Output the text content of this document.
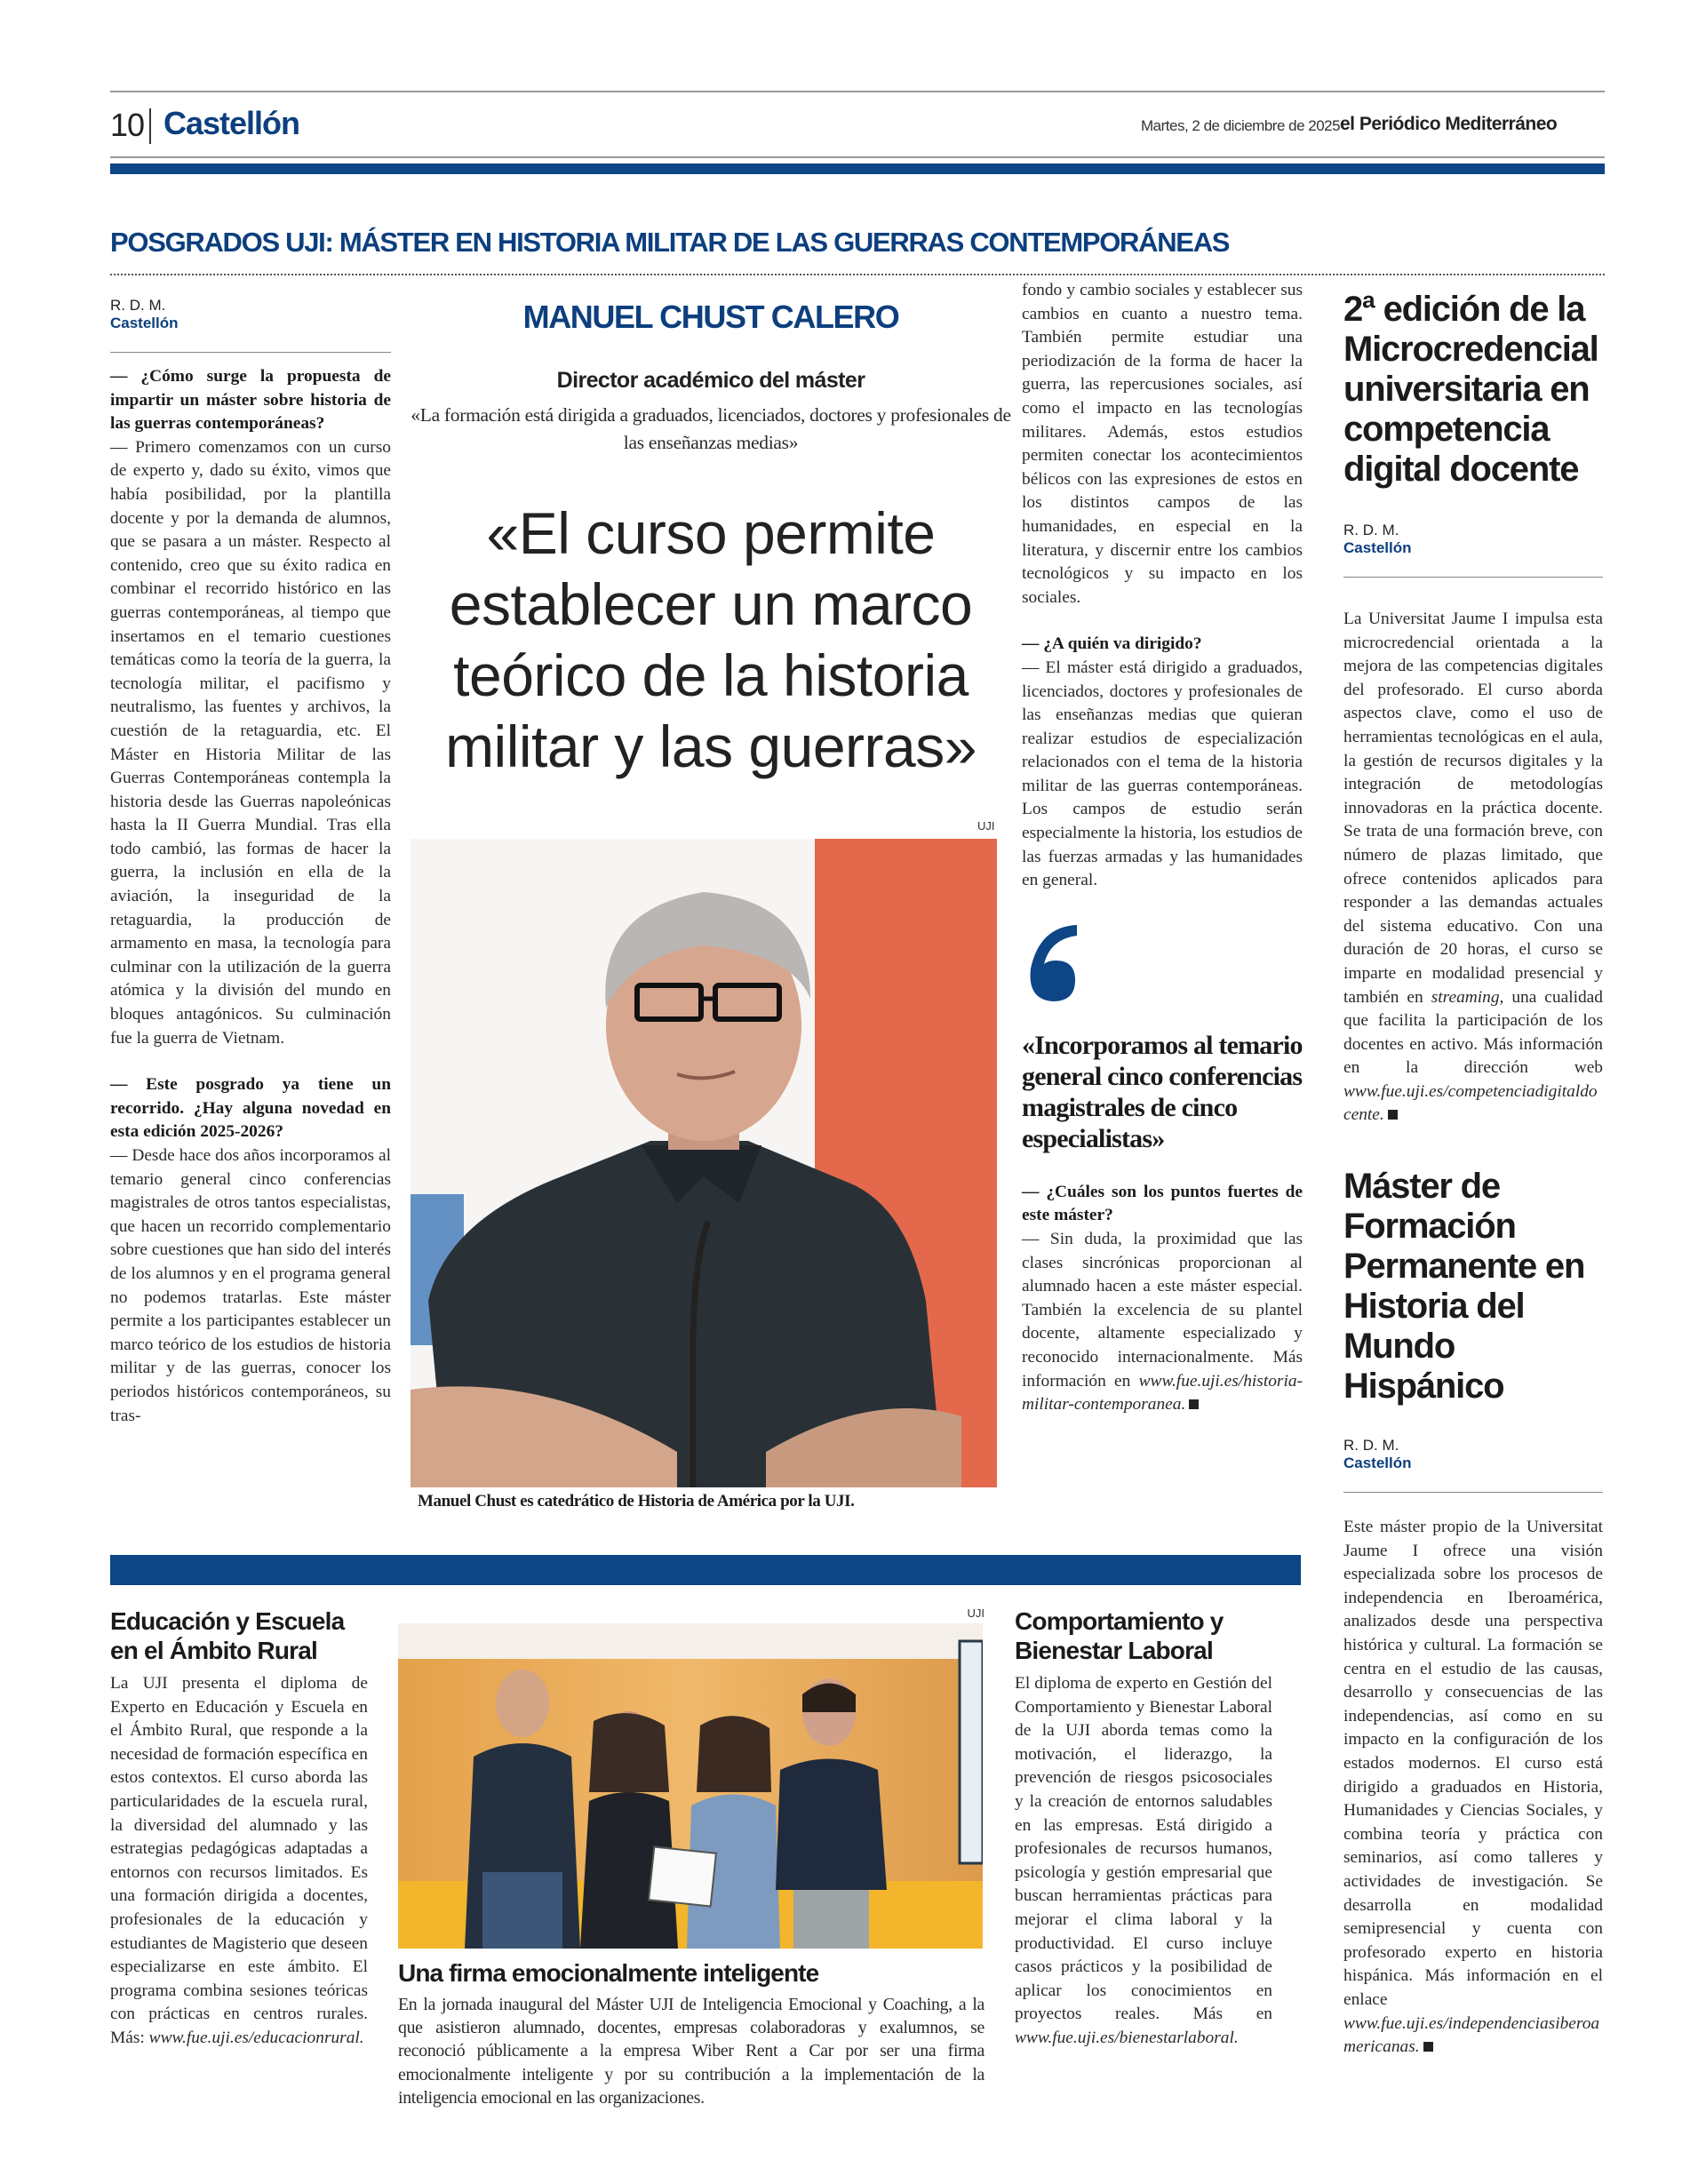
10 Castellón	Martes, 2 de diciembre de 2025 el Periódico Mediterráneo
POSGRADOS UJI: MÁSTER EN HISTORIA MILITAR DE LAS GUERRAS CONTEMPORÁNEAS
R. D. M.
Castellón

— ¿Cómo surge la propuesta de impartir un máster sobre historia de las guerras contemporáneas?

— Primero comenzamos con un curso de experto y, dado su éxito, vimos que había posibilidad, por la plantilla docente y por la demanda de alumnos, que se pasara a un máster. Respecto al contenido, creo que su éxito radica en combinar el recorrido histórico en las guerras contemporáneas, al tiempo que insertamos en el temario cuestiones temáticas como la teoría de la guerra, la tecnología militar, el pacifismo y neutralismo, las fuentes y archivos, la cuestión de la retaguardia, etc. El Máster en Historia Militar de las Guerras Contemporáneas contempla la historia desde las Guerras napoleónicas hasta la II Guerra Mundial. Tras ella todo cambió, las formas de hacer la guerra, la inclusión en ella de la aviación, la inseguridad de la retaguardia, la producción de armamento en masa, la tecnología para culminar con la utilización de la guerra atómica y la división del mundo en bloques antagónicos. Su culminación fue la guerra de Vietnam.

— Este posgrado ya tiene un recorrido. ¿Hay alguna novedad en esta edición 2025-2026?

— Desde hace dos años incorporamos al temario general cinco conferencias magistrales de otros tantos especialistas, que hacen un recorrido complementario sobre cuestiones que han sido del interés de los alumnos y en el programa general no podemos tratarlas. Este máster permite a los participantes establecer un marco teórico de los estudios de historia militar y de las guerras, conocer los periodos históricos contemporáneos, su tras-

MANUEL CHUST CALERO
Director académico del máster
«La formación está dirigida a graduados, licenciados, doctores y profesionales de las enseñanzas medias»
«El curso permite establecer un marco teórico de la historia militar y las guerras»
UJI
Manuel Chust es catedrático de Historia de América por la UJI.

fondo y cambio sociales y establecer sus cambios en cuanto a nuestro tema. También permite estudiar una periodización de la forma de hacer la guerra, las repercusiones sociales, así como el impacto en las tecnologías militares. Además, estos estudios permiten conectar los acontecimientos bélicos con las expresiones de estos en los distintos campos de las humanidades, en especial en la literatura, y discernir entre los cambios tecnológicos y su impacto en los sociales.

— ¿A quién va dirigido?

— El máster está dirigido a graduados, licenciados, doctores y profesionales de las enseñanzas medias que quieran realizar estudios de especialización relacionados con el tema de la historia militar de las guerras contemporáneas. Los campos de estudio serán especialmente la historia, los estudios de las fuerzas armadas y las humanidades en general.

«Incorporamos al temario general cinco conferencias magistrales de cinco especialistas»

— ¿Cuáles son los puntos fuertes de este máster?

— Sin duda, la proximidad que las clases sincrónicas proporcionan al alumnado hacen a este máster especial. También la excelencia de su plantel docente, altamente especializado y reconocido internacionalmente. Más información en www.fue.uji.es/historia-militar-contemporanea.

2ª edición de la Microcredencial universitaria en competencia digital docente
R. D. M.
Castellón

La Universitat Jaume I impulsa esta microcredencial orientada a la mejora de las competencias digitales del profesorado. El curso aborda aspectos clave, como el uso de herramientas tecnológicas en el aula, la gestión de recursos digitales y la integración de metodologías innovadoras en la práctica docente. Se trata de una formación breve, con número de plazas limitado, que ofrece contenidos aplicados para responder a las demandas actuales del sistema educativo. Con una duración de 20 horas, el curso se imparte en modalidad presencial y también en streaming, una cualidad que facilita la participación de los docentes en activo. Más información en la dirección web www.fue.uji.es/competenciadigitaldocente.

Máster de Formación Permanente en Historia del Mundo Hispánico
R. D. M.
Castellón

Este máster propio de la Universitat Jaume I ofrece una visión especializada sobre los procesos de independencia en Iberoamérica, analizados desde una perspectiva histórica y cultural. La formación se centra en el estudio de las causas, desarrollo y consecuencias de las independencias, así como en su impacto en la configuración de los estados modernos. El curso está dirigido a graduados en Historia, Humanidades y Ciencias Sociales, y combina teoría y práctica con seminarios, así como talleres y actividades de investigación. Se desarrolla en modalidad semipresencial y cuenta con profesorado experto en historia hispánica. Más información en el enlace www.fue.uji.es/independenciasiberoamericanas.

Educación y Escuela en el Ámbito Rural

La UJI presenta el diploma de Experto en Educación y Escuela en el Ámbito Rural, que responde a la necesidad de formación específica en estos contextos. El curso aborda las particularidades de la escuela rural, la diversidad del alumnado y las estrategias pedagógicas adaptadas a entornos con recursos limitados. Es una formación dirigida a docentes, profesionales de la educación y estudiantes de Magisterio que deseen especializarse en este ámbito. El programa combina sesiones teóricas con prácticas en centros rurales. Más: www.fue.uji.es/educacionrural.

UJI
Una firma emocionalmente inteligente
En la jornada inaugural del Máster UJI de Inteligencia Emocional y Coaching, a la que asistieron alumnado, docentes, empresas colaboradoras y exalumnos, se reconoció públicamente a la empresa Wiber Rent a Car por ser una firma emocionalmente inteligente y por su contribución a la implementación de la inteligencia emocional en las organizaciones.
Comportamiento y Bienestar Laboral

El diploma de experto en Gestión del Comportamiento y Bienestar Laboral de la UJI aborda temas como la motivación, el liderazgo, la prevención de riesgos psicosociales y la creación de entornos saludables en las empresas. Está dirigido a profesionales de recursos humanos, psicología y gestión empresarial que buscan herramientas prácticas para mejorar el clima laboral y la productividad. El curso incluye casos prácticos y la posibilidad de aplicar los conocimientos en proyectos reales. Más en www.fue.uji.es/bienestarlaboral.
